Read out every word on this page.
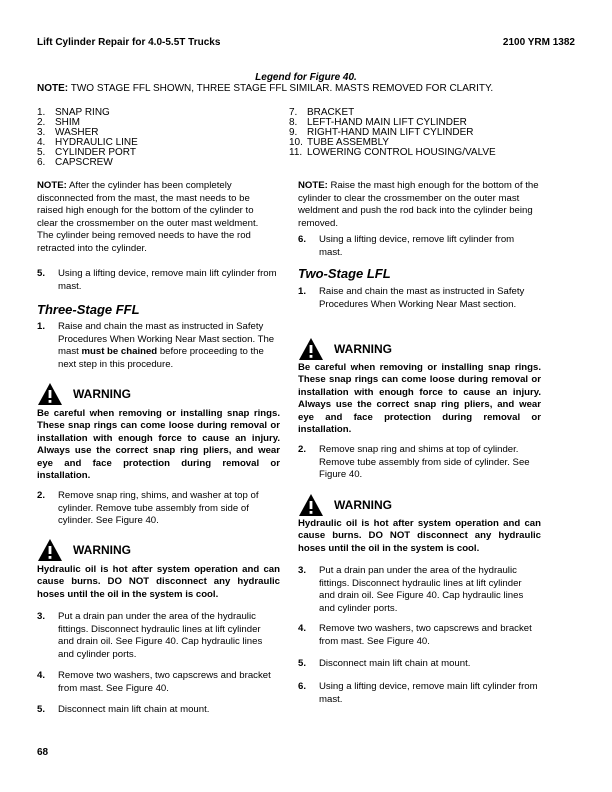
Lift Cylinder Repair for 4.0-5.5T Trucks	2100 YRM 1382
Legend for Figure 40.
NOTE: TWO STAGE FFL SHOWN, THREE STAGE FFL SIMILAR. MASTS REMOVED FOR CLARITY.
1. SNAP RING
2. SHIM
3. WASHER
4. HYDRAULIC LINE
5. CYLINDER PORT
6. CAPSCREW
7. BRACKET
8. LEFT-HAND MAIN LIFT CYLINDER
9. RIGHT-HAND MAIN LIFT CYLINDER
10. TUBE ASSEMBLY
11. LOWERING CONTROL HOUSING/VALVE
NOTE: After the cylinder has been completely disconnected from the mast, the mast needs to be raised high enough for the bottom of the cylinder to clear the crossmember on the outer mast weldment. The cylinder being removed needs to have the rod retracted into the cylinder.
5.	Using a lifting device, remove main lift cylinder from mast.
Three-Stage FFL
1.	Raise and chain the mast as instructed in Safety Procedures When Working Near Mast section. The mast must be chained before proceeding to the next step in this procedure.
WARNING
Be careful when removing or installing snap rings. These snap rings can come loose during removal or installation with enough force to cause an injury. Always use the correct snap ring pliers, and wear eye and face protection during removal or installation.
2.	Remove snap ring, shims, and washer at top of cylinder. Remove tube assembly from side of cylinder. See Figure 40.
WARNING
Hydraulic oil is hot after system operation and can cause burns. DO NOT disconnect any hydraulic hoses until the oil in the system is cool.
3.	Put a drain pan under the area of the hydraulic fittings. Disconnect hydraulic lines at lift cylinder and drain oil. See Figure 40. Cap hydraulic lines and cylinder ports.
4.	Remove two washers, two capscrews and bracket from mast. See Figure 40.
5.	Disconnect main lift chain at mount.
NOTE: Raise the mast high enough for the bottom of the cylinder to clear the crossmember on the outer mast weldment and push the rod back into the cylinder being removed.
6.	Using a lifting device, remove lift cylinder from mast.
Two-Stage LFL
1.	Raise and chain the mast as instructed in Safety Procedures When Working Near Mast section.
WARNING
Be careful when removing or installing snap rings. These snap rings can come loose during removal or installation with enough force to cause an injury. Always use the correct snap ring pliers, and wear eye and face protection during removal or installation.
2.	Remove snap ring and shims at top of cylinder. Remove tube assembly from side of cylinder. See Figure 40.
WARNING
Hydraulic oil is hot after system operation and can cause burns. DO NOT disconnect any hydraulic hoses until the oil in the system is cool.
3.	Put a drain pan under the area of the hydraulic fittings. Disconnect hydraulic lines at lift cylinder and drain oil. See Figure 40. Cap hydraulic lines and cylinder ports.
4.	Remove two washers, two capscrews and bracket from mast. See Figure 40.
5.	Disconnect main lift chain at mount.
6.	Using a lifting device, remove main lift cylinder from mast.
68
